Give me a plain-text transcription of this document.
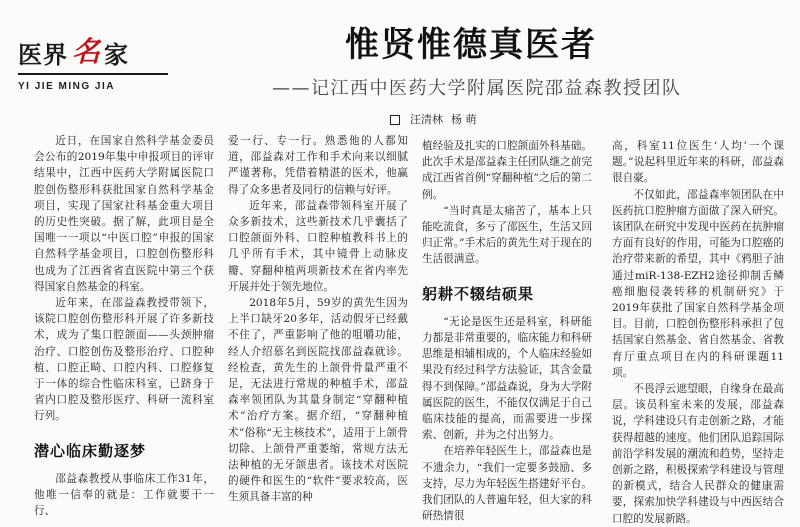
医界 名 家
YI JIE MING JIA
惟贤惟德真医者
——记江西中医药大学附属医院邵益森教授团队
汪清林 杨 萌

近日，在国家自然科学基金委员会公布的2019年集中申报项目的评审结果中，江西中医药大学附属医院口腔创伤整形科获批国家自然科学基金项目，实现了国家社科基金重大项目的历史性突破。据了解，此项目是全国唯一一项以“中医口腔”申报的国家自然科学基金项目，口腔创伤整形科也成为了江西省省直医院中第三个获得国家自然基金的科室。

近年来，在邵益森教授带领下，该院口腔创伤整形科开展了许多新技术，成为了集口腔颌面——头颈肿瘤治疗、口腔创伤及整形治疗、口腔种植、口腔正畸、口腔内科、口腔修复于一体的综合性临床科室，已跻身于省内口腔及整形医疗、科研一流科室行列。

潜心临床勤逐梦

邵益森教授从事临床工作31年，他唯一信奉的就是：工作就要干一行、

爱一行、专一行。熟悉他的人都知道，邵益森对工作和手术向来以细腻严谨著称，凭借着精湛的医术，他赢得了众多患者及同行的信赖与好评。

近年来，邵益森带领科室开展了众多新技术，这些新技术几乎囊括了口腔颌面外科、口腔种植教科书上的几乎所有手术，其中镜骨上动脉皮瓣、穿翻种植两项新技术在省内率先开展并处于领先地位。

2018年5月，59岁的黄先生因为上半口缺牙20多年，活动假牙已经戴不住了，严重影响了他的咀嚼功能，经人介绍慕名到医院找邵益森就诊。经检查，黄先生的上颌骨骨量严重不足，无法进行常规的种植手术，邵益森率领团队为其量身制定“穿翻种植术”治疗方案。据介绍，“穿翻种植术”俗称“无主核技术”，适用于上颌骨切除、上颌骨严重萎缩，常规方法无法种植的无牙颌患者。该技术对医院的硬件和医生的“软件”要求较高，医生须具备丰富的种

植经验及扎实的口腔颌面外科基础。此次手术是邵益森主任团队继之前完成江西省首例“穿翻种植”之后的第二例。

“当时真是太痛苦了，基本上只能吃流食，多亏了邵医生，生活又回归正常。”手术后的黄先生对于现在的生活很满意。

躬耕不辍结硕果

“无论是医生还是科室，科研能力都是非常重要的，临床能力和科研思维是相辅相成的，个人临床经验如果没有经过科学方法验证，其含金量得不到保障。”邵益森说，身为大学附属医院的医生，不能仅仅满足于自己临床技能的提高，而需要进一步探索、创新，并为之付出努力。

在培养年轻医生上，邵益森也是不遗余力，“我们一定要多鼓励、多支持，尽力为年轻医生搭建好平台。我们团队的人普遍年轻，但大家的科研热情很

高，科室11位医生‘人均’一个课题。”说起科里近年来的科研，邵益森很自豪。

不仅如此，邵益森率领团队在中医药抗口腔肿瘤方面做了深入研究。该团队在研究中发现中医药在抗肿瘤方面有良好的作用，可能为口腔癌的治疗带来新的希望，其中《鸦胆子油通过miR-138-EZH2途径抑制舌鳞癌细胞侵袭转移的机制研究》于2019年获批了国家自然科学基金项目。目前，口腔创伤整形科承担了包括国家自然基金、省自然基金、省教育厅重点项目在内的科研课题11项。

不畏浮云遮望眼，自缘身在最高层。该员科室未来的发展，邵益森说，学科建设只有走创新之路，才能获得超越的速度。他们团队追踪国际前沿学科发展的潮流和趋势，坚持走创新之路，积极探索学科建设与管理的新模式，结合人民群众的健康需要，探索加快学科建设与中西医结合口腔的发展新路。
